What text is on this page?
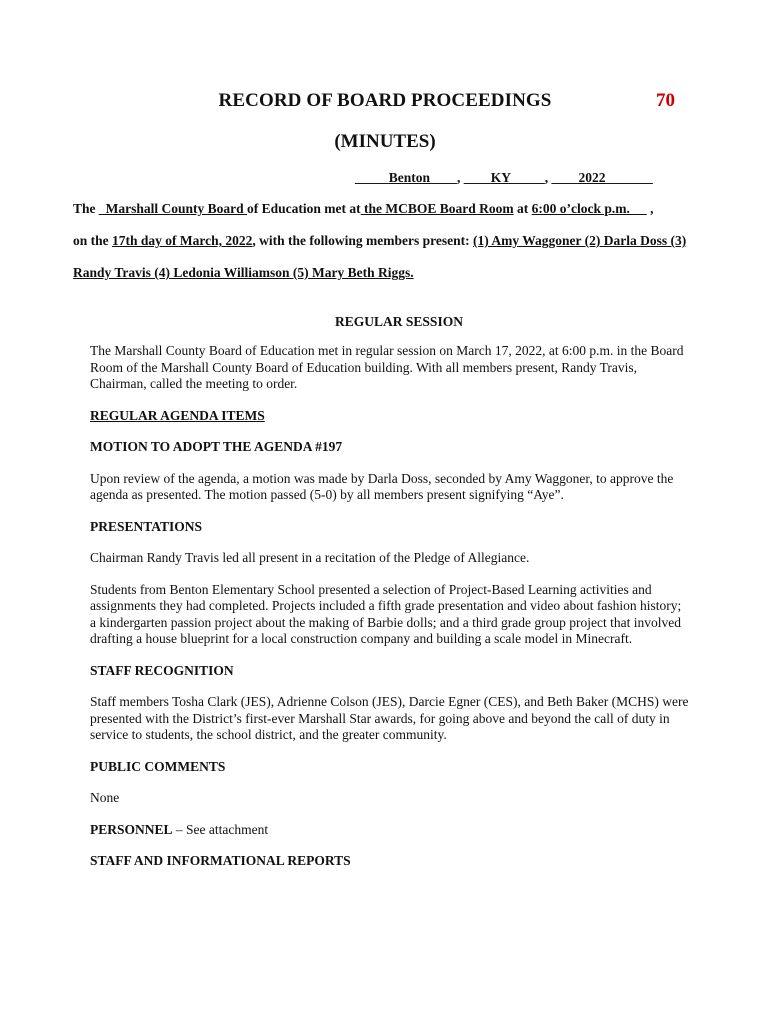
RECORD OF BOARD PROCEEDINGS	70
(MINUTES)
_____Benton____, ____KY_____, ____2022_______
The _Marshall County Board of Education met at the MCBOE Board Room at 6:00 o’clock p.m.      ,
on the 17th day of March, 2022, with the following members present: (1) Amy Waggoner (2) Darla Doss (3)
Randy Travis (4) Ledonia Williamson (5) Mary Beth Riggs.
REGULAR SESSION

The Marshall County Board of Education met in regular session on March 17, 2022, at 6:00 p.m. in the Board Room of the Marshall County Board of Education building. With all members present, Randy Travis, Chairman, called the meeting to order.

REGULAR AGENDA ITEMS
MOTION TO ADOPT THE AGENDA #197

Upon review of the agenda, a motion was made by Darla Doss, seconded by Amy Waggoner, to approve the agenda as presented. The motion passed (5-0) by all members present signifying “Aye”.

PRESENTATIONS

Chairman Randy Travis led all present in a recitation of the Pledge of Allegiance.

Students from Benton Elementary School presented a selection of Project-Based Learning activities and assignments they had completed. Projects included a fifth grade presentation and video about fashion history; a kindergarten passion project about the making of Barbie dolls; and a third grade group project that involved drafting a house blueprint for a local construction company and building a scale model in Minecraft.

STAFF RECOGNITION

Staff members Tosha Clark (JES), Adrienne Colson (JES), Darcie Egner (CES), and Beth Baker (MCHS) were presented with the District’s first-ever Marshall Star awards, for going above and beyond the call of duty in service to students, the school district, and the greater community.

PUBLIC COMMENTS

None

PERSONNEL – See attachment

STAFF AND INFORMATIONAL REPORTS
